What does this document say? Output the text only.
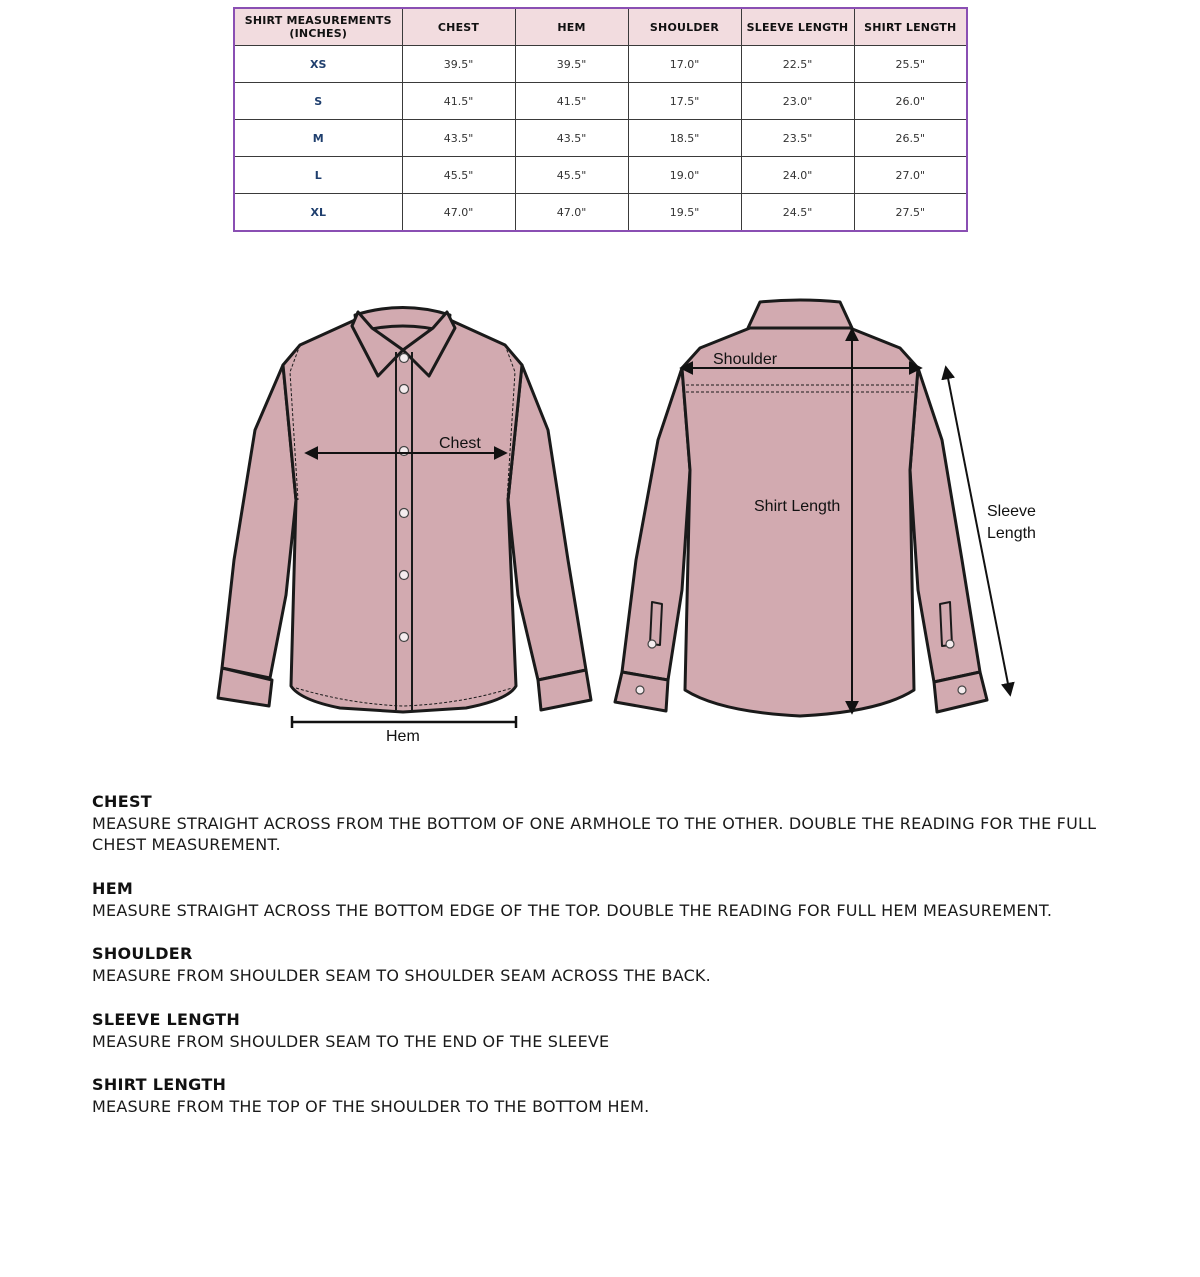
SHIRT MEASUREMENTS (INCHES)	CHEST	HEM	SHOULDER	SLEEVE LENGTH	SHIRT LENGTH
XS	39.5"	39.5"	17.0"	22.5"	25.5"
S	41.5"	41.5"	17.5"	23.0"	26.0"
M	43.5"	43.5"	18.5"	23.5"	26.5"
L	45.5"	45.5"	19.0"	24.0"	27.0"
XL	47.0"	47.0"	19.5"	24.5"	27.5"
Chest
Hem
Shoulder
Shirt Length	Sleeve
Length
CHEST

MEASURE STRAIGHT ACROSS FROM THE BOTTOM OF ONE ARMHOLE TO THE OTHER. DOUBLE THE READING FOR THE FULL CHEST MEASUREMENT.

HEM

MEASURE STRAIGHT ACROSS THE BOTTOM EDGE OF THE TOP. DOUBLE THE READING FOR FULL HEM MEASUREMENT.

SHOULDER

MEASURE FROM SHOULDER SEAM TO SHOULDER SEAM ACROSS THE BACK.

SLEEVE LENGTH

MEASURE FROM SHOULDER SEAM TO THE END OF THE SLEEVE

SHIRT LENGTH

MEASURE FROM THE TOP OF THE SHOULDER TO THE BOTTOM HEM.
